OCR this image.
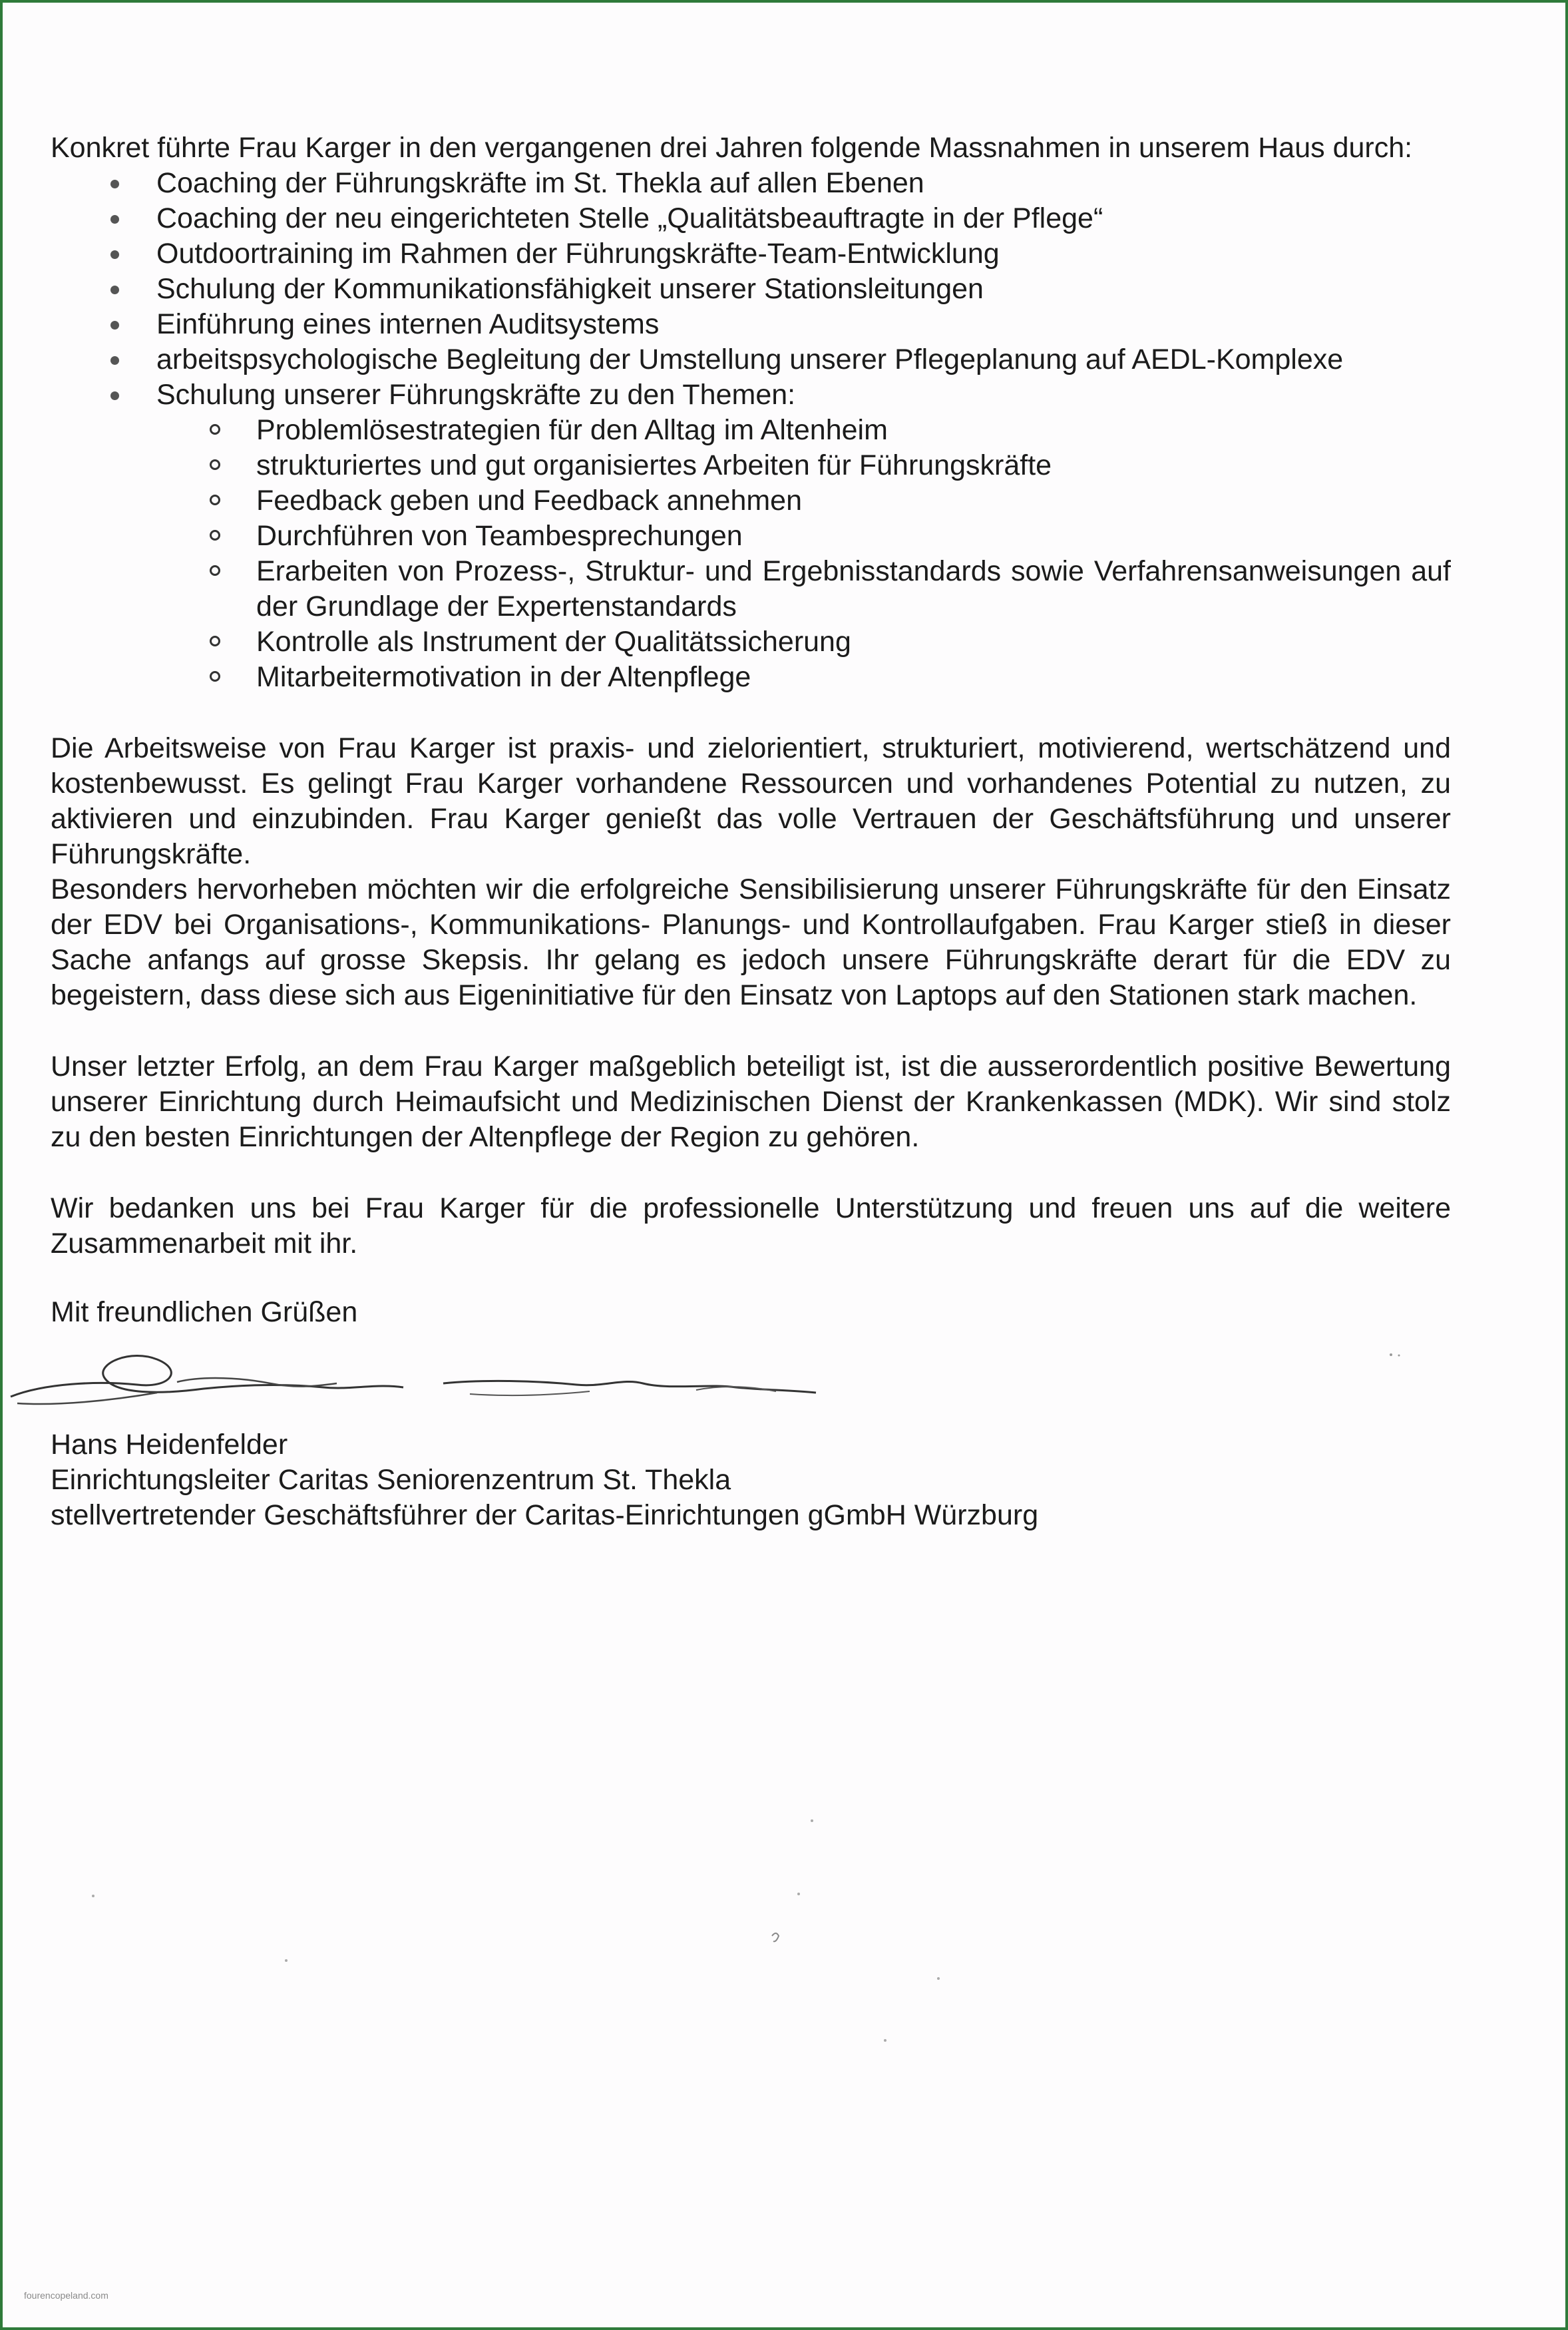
Konkret führte Frau Karger in den vergangenen drei Jahren folgende Massnahmen in unserem Haus durch:

Coaching der Führungskräfte im St. Thekla auf allen Ebenen
Coaching der neu eingerichteten Stelle „Qualitätsbeauftragte in der Pflege“
Outdoortraining im Rahmen der Führungskräfte-Team-Entwicklung
Schulung der Kommunikationsfähigkeit unserer Stationsleitungen
Einführung eines internen Auditsystems
arbeitspsychologische Begleitung der Umstellung unserer Pflegeplanung auf AEDL-Komplexe
Schulung unserer Führungskräfte zu den Themen:
Problemlösestrategien für den Alltag im Altenheim
strukturiertes und gut organisiertes Arbeiten für Führungskräfte
Feedback geben und Feedback annehmen
Durchführen von Teambesprechungen
Erarbeiten von Prozess-, Struktur- und Ergebnisstandards sowie Verfahrensanweisungen auf der Grundlage der Expertenstandards
Kontrolle als Instrument der Qualitätssicherung
Mitarbeitermotivation in der Altenpflege

Die Arbeitsweise von Frau Karger ist praxis- und zielorientiert, strukturiert, motivierend, wertschätzend und kostenbewusst. Es gelingt Frau Karger vorhandene Ressourcen und vorhandenes Potential zu nutzen, zu aktivieren und einzubinden. Frau Karger genießt das volle Vertrauen der Geschäftsführung und unserer Führungskräfte.

Besonders hervorheben möchten wir die erfolgreiche Sensibilisierung unserer Führungskräfte für den Einsatz der EDV bei Organisations-, Kommunikations- Planungs- und Kontrollaufgaben. Frau Karger stieß in dieser Sache anfangs auf grosse Skepsis. Ihr gelang es jedoch unsere Führungskräfte derart für die EDV zu begeistern, dass diese sich aus Eigeninitiative für den Einsatz von Laptops auf den Stationen stark machen.

Unser letzter Erfolg, an dem Frau Karger maßgeblich beteiligt ist, ist die ausserordentlich positive Bewertung unserer Einrichtung durch Heimaufsicht und Medizinischen Dienst der Krankenkassen (MDK). Wir sind stolz zu den besten Einrichtungen der Altenpflege der Region zu gehören.

Wir bedanken uns bei Frau Karger für die professionelle Unterstützung und freuen uns auf die weitere Zusammenarbeit mit ihr.

Mit freundlichen Grüßen

Hans Heidenfelder
Einrichtungsleiter Caritas Seniorenzentrum St. Thekla
stellvertretender Geschäftsführer der Caritas-Einrichtungen gGmbH Würzburg
fourencopeland.com
